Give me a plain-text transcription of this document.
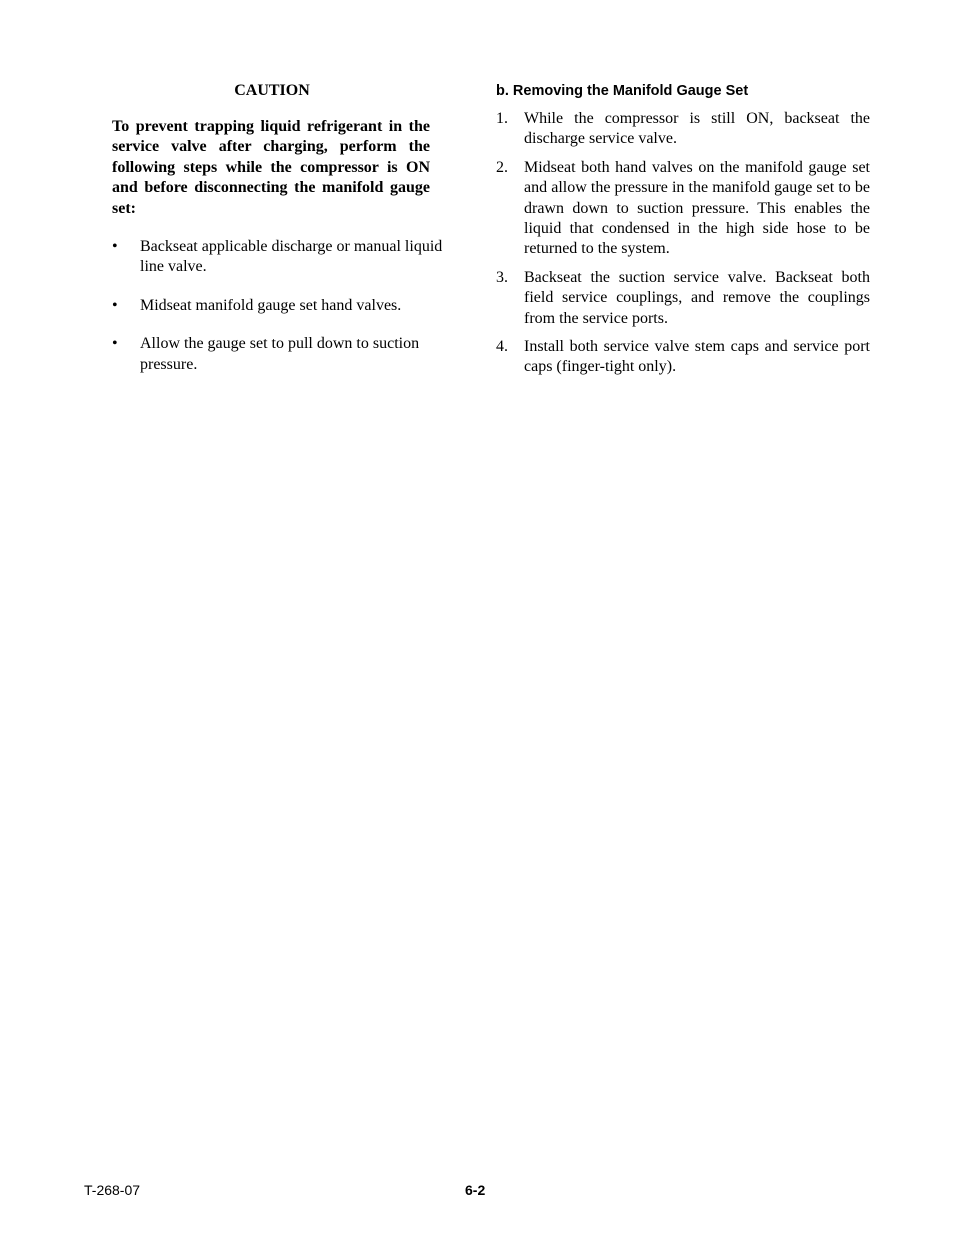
CAUTION

To prevent trapping liquid refrigerant in the service valve after charging, perform the following steps while the compressor is ON and before disconnecting the manifold gauge set:

• Backseat applicable discharge or manual liquid line valve.
• Midseat manifold gauge set hand valves.
• Allow the gauge set to pull down to suction pressure.
b. Removing the Manifold Gauge Set
1. While the compressor is still ON, backseat the discharge service valve.
2. Midseat both hand valves on the manifold gauge set and allow the pressure in the manifold gauge set to be drawn down to suction pressure. This enables the liquid that condensed in the high side hose to be returned to the system.
3. Backseat the suction service valve. Backseat both field service couplings, and remove the couplings from the service ports.
4. Install both service valve stem caps and service port caps (finger-tight only).
T-268-07	6-2
